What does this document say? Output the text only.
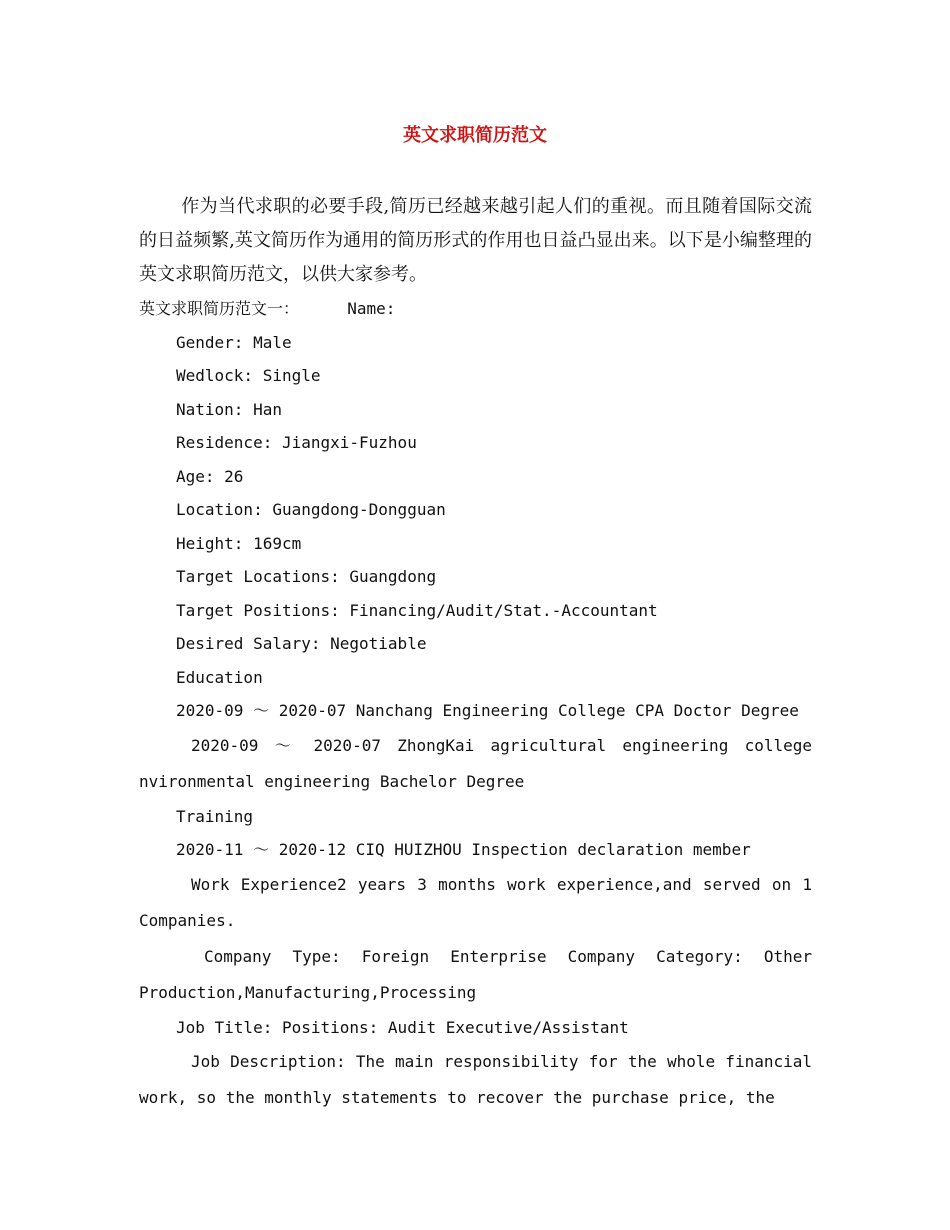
英文求职简历范文

作为当代求职的必要手段,简历已经越来越引起人们的重视。而且随着国际交流的日益频繁,英文简历作为通用的简历形式的作用也日益凸显出来。以下是小编整理的英文求职简历范文，以供大家参考。

英文求职简历范文一：	Name:
Gender: Male
Wedlock: Single
Nation: Han
Residence: Jiangxi-Fuzhou
Age: 26
Location: Guangdong-Dongguan
Height: 169cm
Target Locations: Guangdong
Target Positions: Financing/Audit/Stat.-Accountant
Desired Salary: Negotiable
Education
2020-09 ～ 2020-07 Nanchang Engineering College CPA Doctor Degree

2020-09 ～ 2020-07 ZhongKai agricultural engineering college nvironmental engineering Bachelor Degree

Training
2020-11 ～ 2020-12 CIQ HUIZHOU Inspection declaration member

Work Experience2 years 3 months work experience,and served on 1 Companies.

Company Type: Foreign Enterprise Company Category: Other Production,Manufacturing,Processing

Job Title: Positions: Audit Executive/Assistant

Job Description: The main responsibility for the whole financial work, so the monthly statements to recover the purchase price, the
